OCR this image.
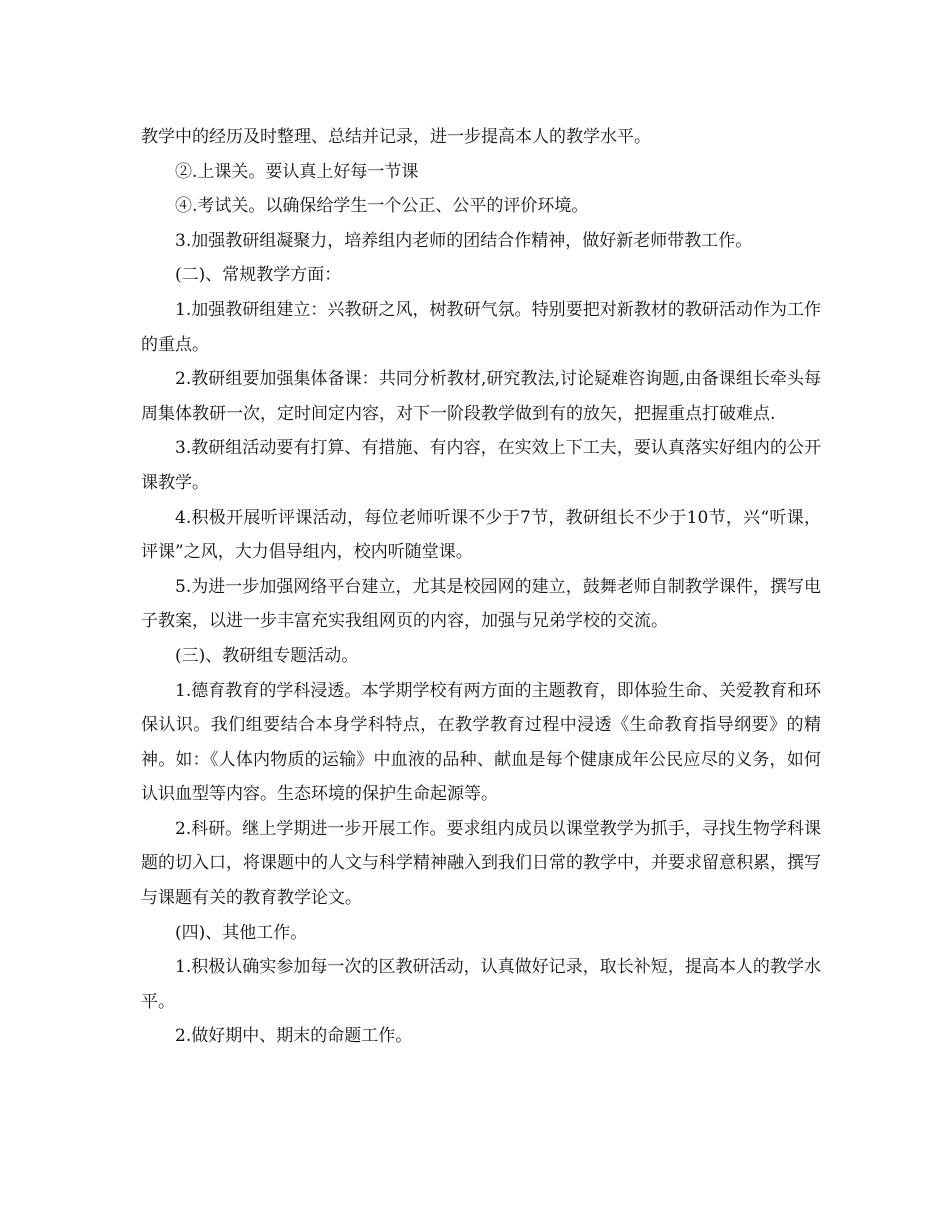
教学中的经历及时整理、总结并记录，进一步提高本人的教学水平。

②.上课关。要认真上好每一节课

④.考试关。以确保给学生一个公正、公平的评价环境。

3.加强教研组凝聚力，培养组内老师的团结合作精神，做好新老师带教工作。

(二)、常规教学方面：

1.加强教研组建立：兴教研之风，树教研气氛。特别要把对新教材的教研活动作为工作的重点。

2.教研组要加强集体备课：共同分析教材,研究教法,讨论疑难咨询题,由备课组长牵头每周集体教研一次，定时间定内容，对下一阶段教学做到有的放矢，把握重点打破难点.

3.教研组活动要有打算、有措施、有内容，在实效上下工夫，要认真落实好组内的公开课教学。

4.积极开展听评课活动，每位老师听课不少于7节，教研组长不少于10节，兴“听课，评课”之风，大力倡导组内，校内听随堂课。

5.为进一步加强网络平台建立，尤其是校园网的建立，鼓舞老师自制教学课件，撰写电子教案，以进一步丰富充实我组网页的内容，加强与兄弟学校的交流。

(三)、教研组专题活动。

1.德育教育的学科浸透。本学期学校有两方面的主题教育，即体验生命、关爱教育和环保认识。我们组要结合本身学科特点，在教学教育过程中浸透《生命教育指导纲要》的精神。如：《人体内物质的运输》中血液的品种、献血是每个健康成年公民应尽的义务，如何认识血型等内容。生态环境的保护生命起源等。

2.科研。继上学期进一步开展工作。要求组内成员以课堂教学为抓手，寻找生物学科课题的切入口，将课题中的人文与科学精神融入到我们日常的教学中，并要求留意积累，撰写与课题有关的教育教学论文。

(四)、其他工作。

1.积极认确实参加每一次的区教研活动，认真做好记录，取长补短，提高本人的教学水平。

2.做好期中、期末的命题工作。
